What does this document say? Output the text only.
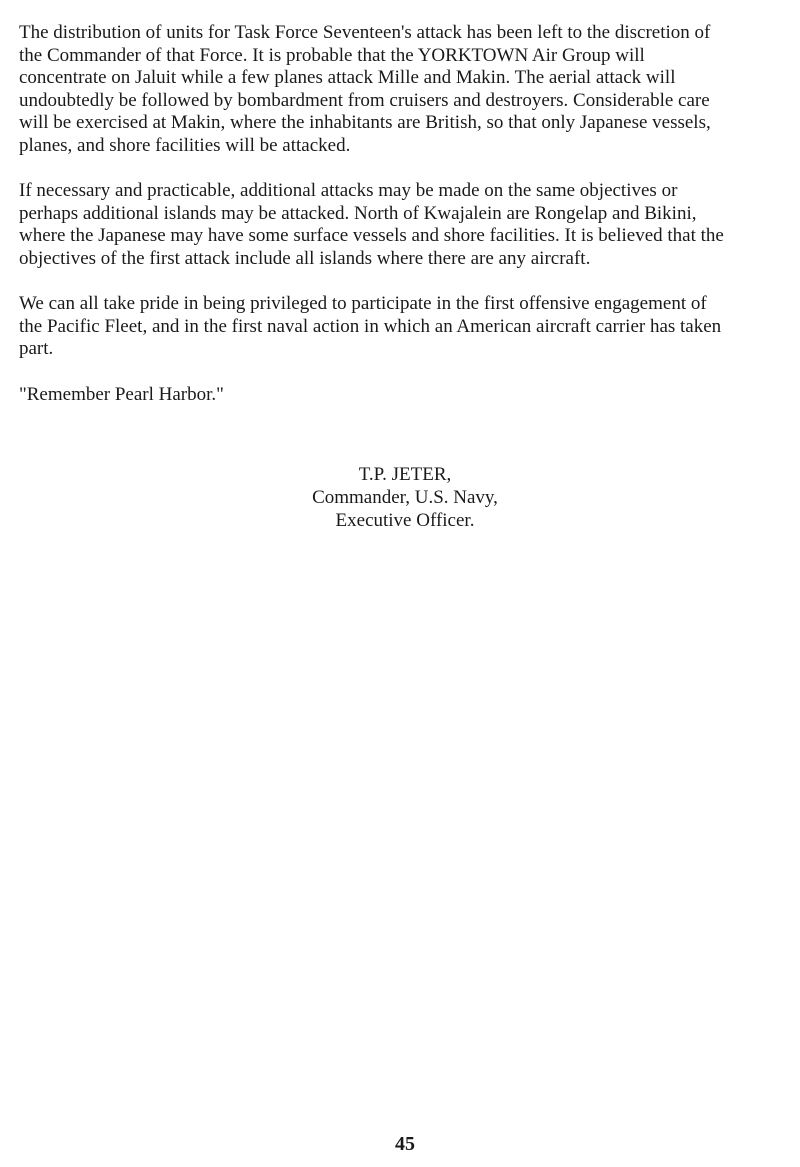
The distribution of units for Task Force Seventeen's attack has been left to the discretion of
the Commander of that Force. It is probable that the YORKTOWN Air Group will
concentrate on Jaluit while a few planes attack Mille and Makin. The aerial attack will
undoubtedly be followed by bombardment from cruisers and destroyers. Considerable care
will be exercised at Makin, where the inhabitants are British, so that only Japanese vessels,
planes, and shore facilities will be attacked.

If necessary and practicable, additional attacks may be made on the same objectives or
perhaps additional islands may be attacked. North of Kwajalein are Rongelap and Bikini,
where the Japanese may have some surface vessels and shore facilities. It is believed that the
objectives of the first attack include all islands where there are any aircraft.

We can all take pride in being privileged to participate in the first offensive engagement of
the Pacific Fleet, and in the first naval action in which an American aircraft carrier has taken
part.

"Remember Pearl Harbor."

T.P. JETER,
Commander, U.S. Navy,
Executive Officer.
45
